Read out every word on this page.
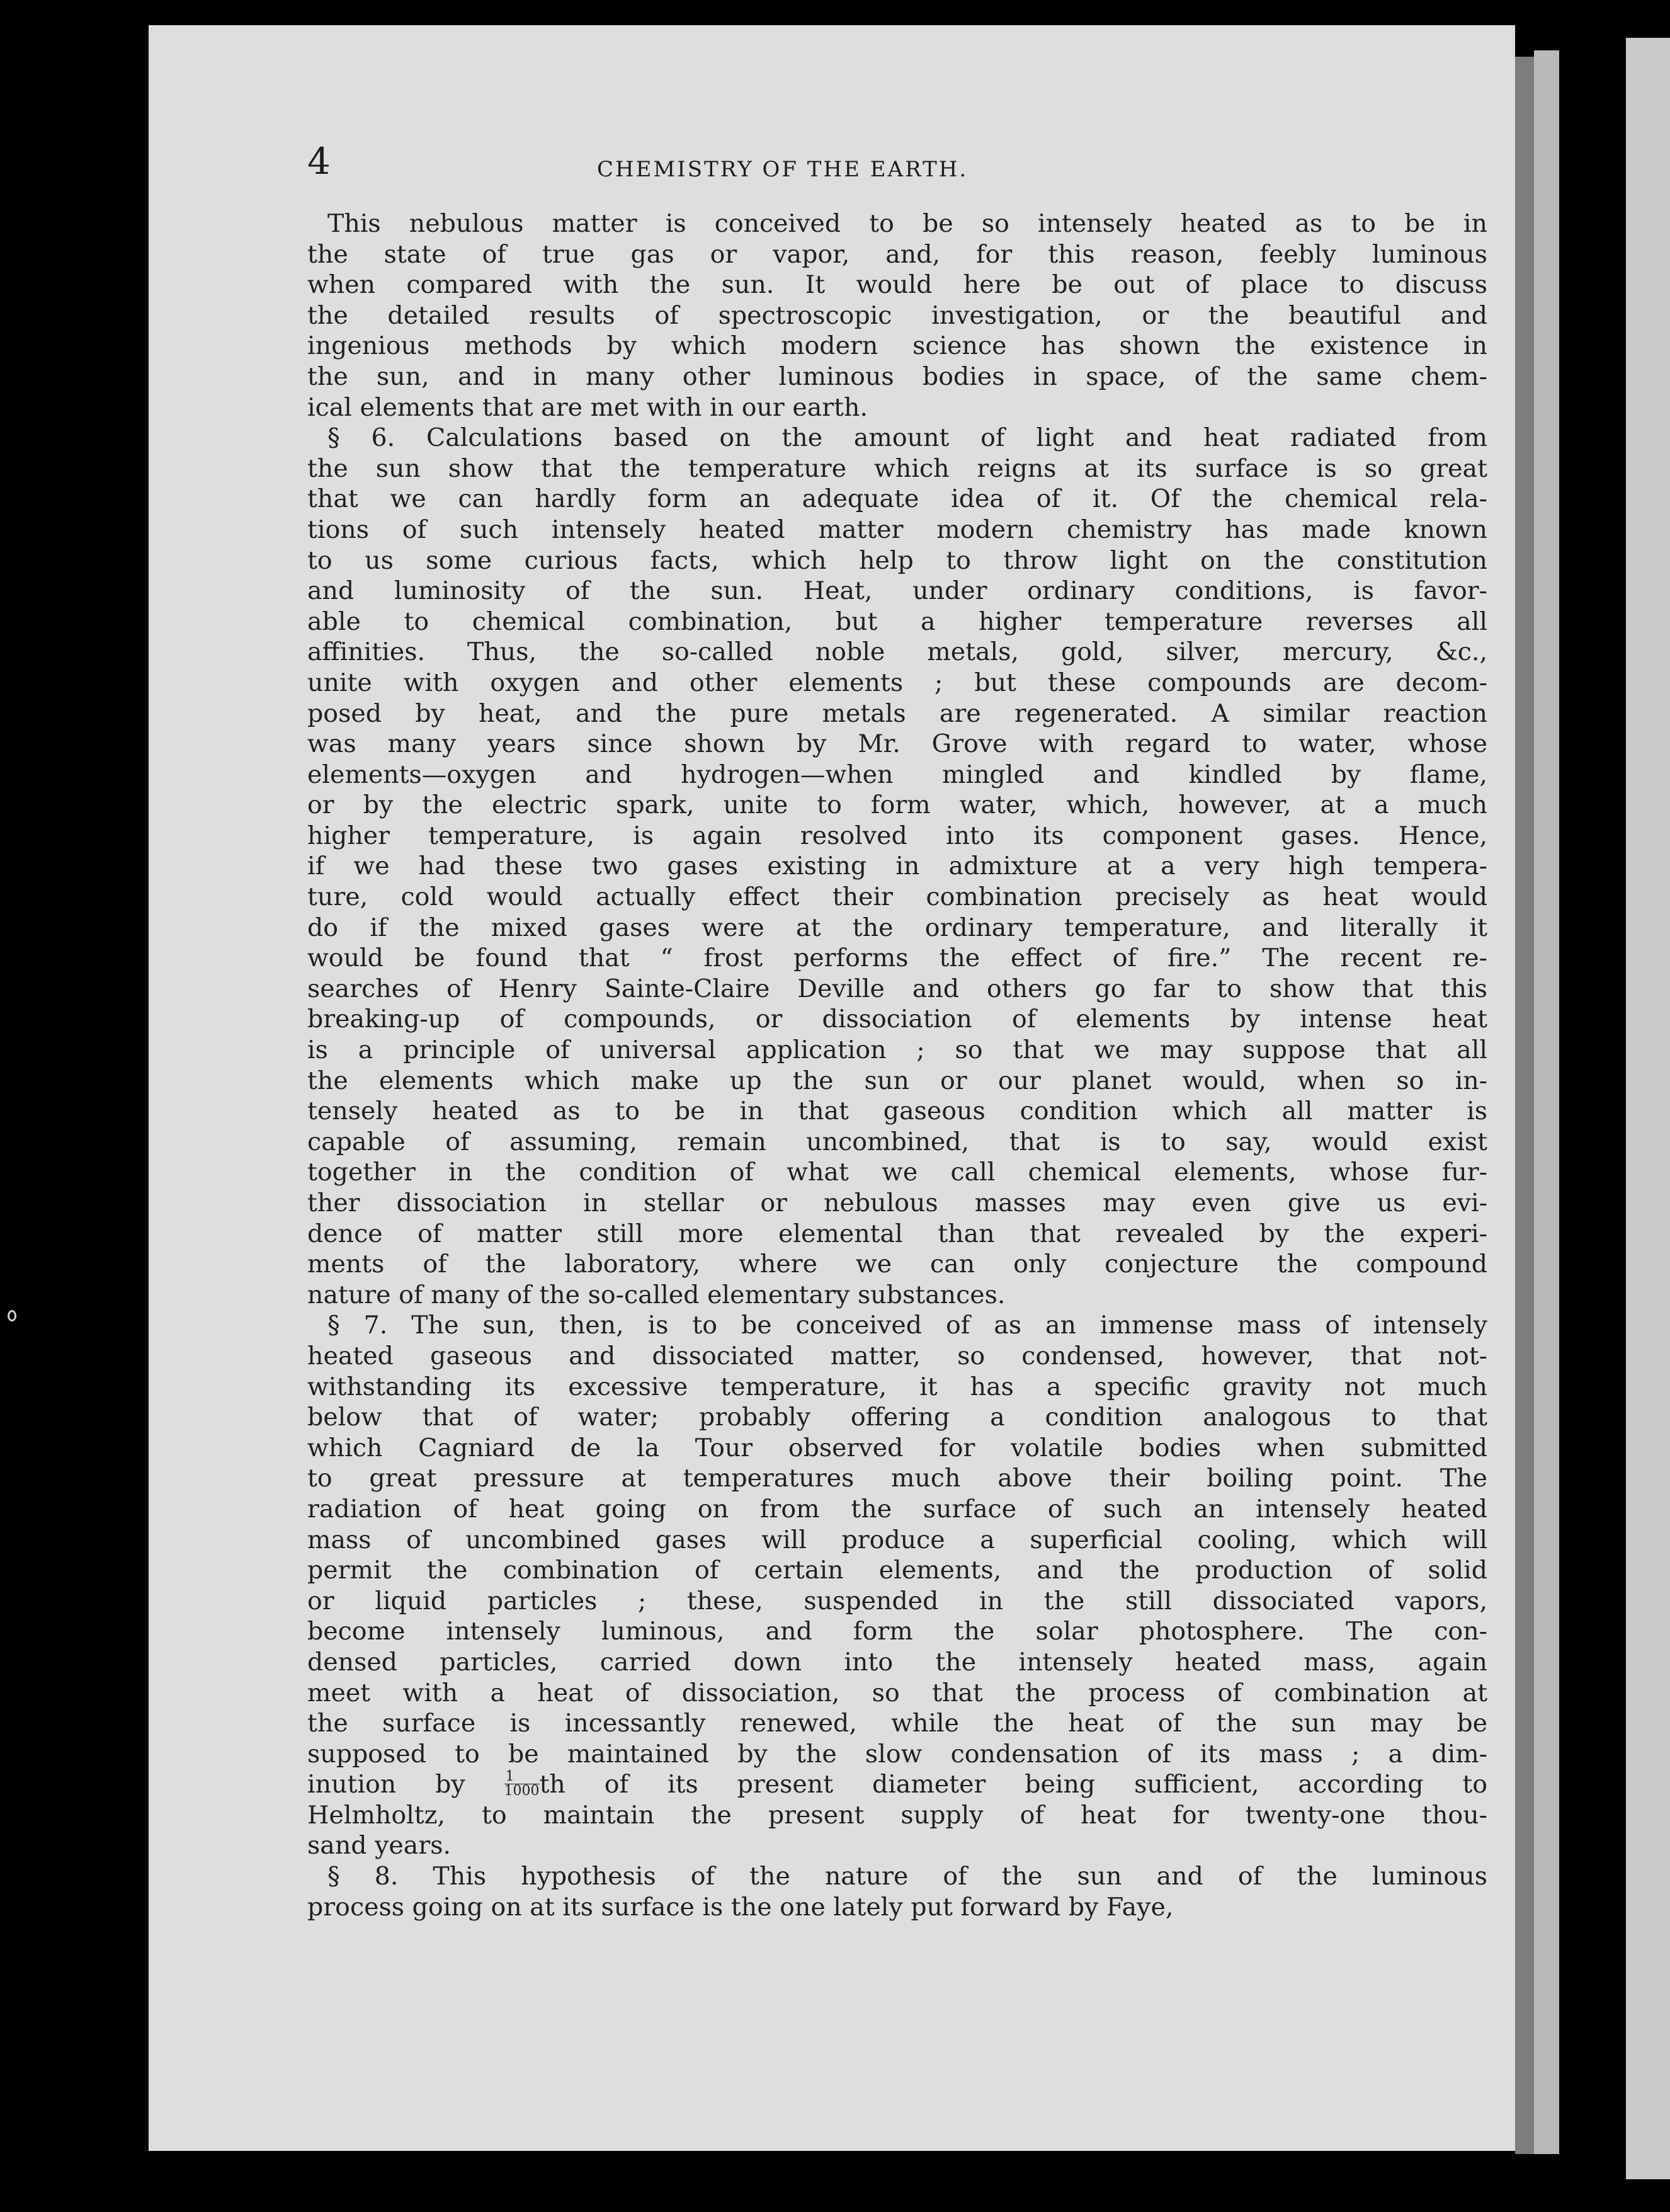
4	CHEMISTRY OF THE EARTH.
This nebulous matter is conceived to be so intensely heated as to be in
the state of true gas or vapor, and, for this reason, feebly luminous
when compared with the sun. It would here be out of place to discuss
the detailed results of spectroscopic investigation, or the beautiful and
ingenious methods by which modern science has shown the existence in
the sun, and in many other luminous bodies in space, of the same chem-
ical elements that are met with in our earth.
§ 6. Calculations based on the amount of light and heat radiated from
the sun show that the temperature which reigns at its surface is so great
that we can hardly form an adequate idea of it. Of the chemical rela-
tions of such intensely heated matter modern chemistry has made known
to us some curious facts, which help to throw light on the constitution
and luminosity of the sun. Heat, under ordinary conditions, is favor-
able to chemical combination, but a higher temperature reverses all
affinities. Thus, the so-called noble metals, gold, silver, mercury, &c.,
unite with oxygen and other elements ; but these compounds are decom-
posed by heat, and the pure metals are regenerated. A similar reaction
was many years since shown by Mr. Grove with regard to water, whose
elements—oxygen and hydrogen—when mingled and kindled by flame,
or by the electric spark, unite to form water, which, however, at a much
higher temperature, is again resolved into its component gases. Hence,
if we had these two gases existing in admixture at a very high tempera-
ture, cold would actually effect their combination precisely as heat would
do if the mixed gases were at the ordinary temperature, and literally it
would be found that “ frost performs the effect of fire.” The recent re-
searches of Henry Sainte-Claire Deville and others go far to show that this
breaking-up of compounds, or dissociation of elements by intense heat
is a principle of universal application ; so that we may suppose that all
the elements which make up the sun or our planet would, when so in-
tensely heated as to be in that gaseous condition which all matter is
capable of assuming, remain uncombined, that is to say, would exist
together in the condition of what we call chemical elements, whose fur-
ther dissociation in stellar or nebulous masses may even give us evi-
dence of matter still more elemental than that revealed by the experi-
ments of the laboratory, where we can only conjecture the compound
nature of many of the so-called elementary substances.
§ 7. The sun, then, is to be conceived of as an immense mass of intensely
heated gaseous and dissociated matter, so condensed, however, that not-
withstanding its excessive temperature, it has a specific gravity not much
below that of water; probably offering a condition analogous to that
which Cagniard de la Tour observed for volatile bodies when submitted
to great pressure at temperatures much above their boiling point. The
radiation of heat going on from the surface of such an intensely heated
mass of uncombined gases will produce a superficial cooling, which will
permit the combination of certain elements, and the production of solid
or liquid particles ; these, suspended in the still dissociated vapors,
become intensely luminous, and form the solar photosphere. The con-
densed particles, carried down into the intensely heated mass, again
meet with a heat of dissociation, so that the process of combination at
the surface is incessantly renewed, while the heat of the sun may be
supposed to be maintained by the slow condensation of its mass ; a dim-
inution by $\frac{1}{1000}$ th of its present diameter being sufficient, according to
Helmholtz, to maintain the present supply of heat for twenty-one thou-
sand years.
§ 8. This hypothesis of the nature of the sun and of the luminous
process going on at its surface is the one lately put forward by Faye,
